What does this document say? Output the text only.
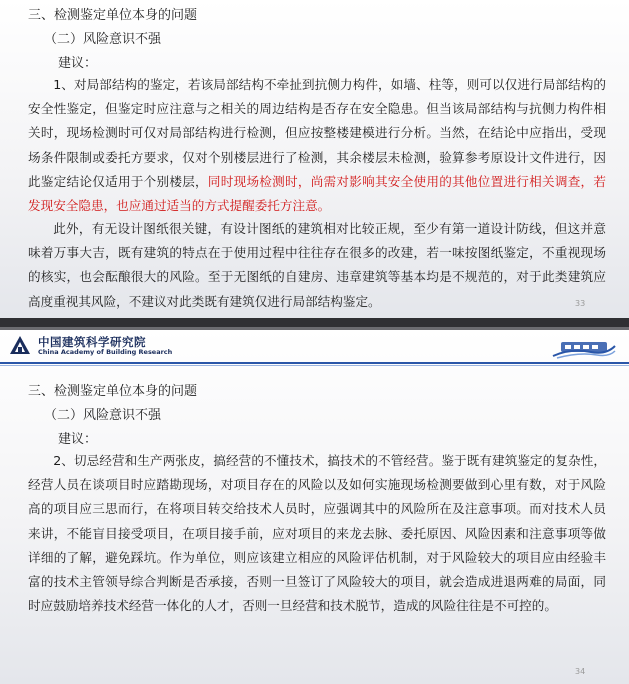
三、检测鉴定单位本身的问题
（二）风险意识不强
建议：

1、对局部结构的鉴定，若该局部结构不牵扯到抗侧力构件，如墙、柱等，则可以仅进行局部结构的安全性鉴定，但鉴定时应注意与之相关的周边结构是否存在安全隐患。但当该局部结构与抗侧力构件相关时，现场检测时可仅对局部结构进行检测，但应按整楼建模进行分析。当然，在结论中应指出，受现场条件限制或委托方要求，仅对个别楼层进行了检测，其余楼层未检测，验算参考原设计文件进行，因此鉴定结论仅适用于个别楼层，同时现场检测时，尚需对影响其安全使用的其他位置进行相关调查，若发现安全隐患，也应通过适当的方式提醒委托方注意。

此外，有无设计图纸很关键，有设计图纸的建筑相对比较正规，至少有第一道设计防线，但这并意味着万事大吉，既有建筑的特点在于使用过程中往往存在很多的改建，若一味按图纸鉴定，不重视现场的核实，也会酝酿很大的风险。至于无图纸的自建房、违章建筑等基本均是不规范的，对于此类建筑应高度重视其风险，不建议对此类既有建筑仅进行局部结构鉴定。	33
中国建筑科学研究院
China Academy of Building Research
三、检测鉴定单位本身的问题
（二）风险意识不强
建议：

2、切忌经营和生产两张皮，搞经营的不懂技术，搞技术的不管经营。鉴于既有建筑鉴定的复杂性，经营人员在谈项目时应踏勘现场，对项目存在的风险以及如何实施现场检测要做到心里有数，对于风险高的项目应三思而行，在将项目转交给技术人员时，应强调其中的风险所在及注意事项。而对技术人员来讲，不能盲目接受项目，在项目接手前，应对项目的来龙去脉、委托原因、风险因素和注意事项等做详细的了解，避免踩坑。作为单位，则应该建立相应的风险评估机制，对于风险较大的项目应由经验丰富的技术主管领导综合判断是否承接，否则一旦签订了风险较大的项目，就会造成进退两难的局面，同时应鼓励培养技术经营一体化的人才，否则一旦经营和技术脱节，造成的风险往往是不可控的。

34
